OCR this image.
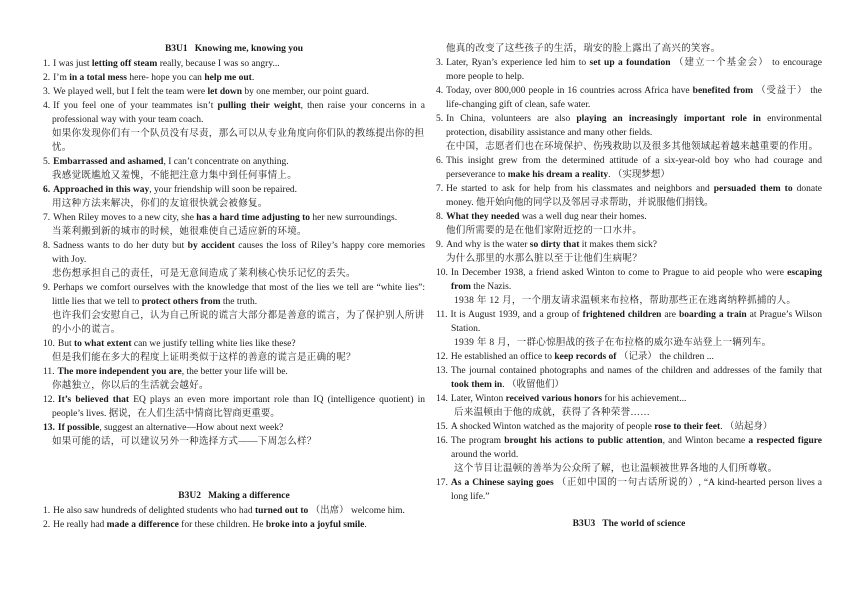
B3U1   Knowing me, knowing you

1. I was just letting off steam really, because I was so angry...

2. I’m in a total mess here- hope you can help me out.

3. We played well, but I felt the team were let down by one member, our point guard.

4. If you feel one of your teammates isn’t pulling their weight, then raise your concerns in a professional way with your team coach.

如果你发现你们有一个队员没有尽责，那么可以从专业角度向你们队的教练提出你的担忧。

5. Embarrassed and ashamed, I can’t concentrate on anything.

我感觉既尴尬又羞愧，不能把注意力集中到任何事情上。

6. Approached in this way, your friendship will soon be repaired.

用这种方法来解决，你们的友谊很快就会被修复。

7. When Riley moves to a new city, she has a hard time adjusting to her new surroundings.

当莱利搬到新的城市的时候，她很难使自己适应新的环境。

8. Sadness wants to do her duty but by accident causes the loss of Riley’s happy core memories with Joy.

悲伤想承担自己的责任，可是无意间造成了莱利核心快乐记忆的丢失。

9. Perhaps we comfort ourselves with the knowledge that most of the lies we tell are “white lies”: little lies that we tell to protect others from the truth.

也许我们会安慰自己，认为自己所说的谎言大部分都是善意的谎言，为了保护别人所讲的小小的谎言。

10. But to what extent can we justify telling white lies like these?

但是我们能在多大的程度上证明类似于这样的善意的谎言是正确的呢？

11. The more independent you are, the better your life will be.

你越独立，你以后的生活就会越好。

12. It’s believed that EQ plays an even more important role than IQ (intelligence quotient) in people’s lives. 据说，在人们生活中情商比智商更重要。

13. If possible, suggest an alternative—How about next week?

如果可能的话，可以建议另外一种选择方式——下周怎么样？

B3U2   Making a difference

1. He also saw hundreds of delighted students who had turned out to （出席） welcome him.

2. He really had made a difference for these children. He broke into a joyful smile.

他真的改变了这些孩子的生活，瑞安的脸上露出了高兴的笑容。

3. Later, Ryan’s experience led him to set up a foundation （建立一个基金会） to encourage more people to help.

4. Today, over 800,000 people in 16 countries across Africa have benefited from （受益于） the life-changing gift of clean, safe water.

5. In China, volunteers are also playing an increasingly important role in environmental protection, disability assistance and many other fields.

在中国，志愿者们也在环境保护、伤残救助以及很多其他领域起着越来越重要的作用。

6. This insight grew from the determined attitude of a six-year-old boy who had courage and perseverance to make his dream a reality. （实现梦想）

7. He started to ask for help from his classmates and neighbors and persuaded them to donate money. 他开始向他的同学以及邻居寻求帮助，并说服他们捐钱。

8. What they needed was a well dug near their homes.

他们所需要的是在他们家附近挖的一口水井。

9. And why is the water so dirty that it makes them sick?

为什么那里的水那么脏以至于让他们生病呢？

10. In December 1938, a friend asked Winton to come to Prague to aid people who were escaping from the Nazis.

1938 年 12 月，一个朋友请求温顿来布拉格，帮助那些正在逃离纳粹抓捕的人。

11. It is August 1939, and a group of frightened children are boarding a train at Prague’s Wilson Station.

1939 年 8 月，一群心惊胆战的孩子在布拉格的威尔逊车站登上一辆列车。

12. He established an office to keep records of （记录） the children ...

13. The journal contained photographs and names of the children and addresses of the family that took them in. （收留他们）

14. Later, Winton received various honors for his achievement...

后来温顿由于他的成就，获得了各种荣誉……

15. A shocked Winton watched as the majority of people rose to their feet. （站起身）

16. The program brought his actions to public attention, and Winton became a respected figure around the world.

这个节目让温顿的善举为公众所了解，也让温顿被世界各地的人们所尊敬。

17. As a Chinese saying goes （正如中国的一句古话所说的）, “A kind-hearted person lives a long life.”

B3U3   The world of science
